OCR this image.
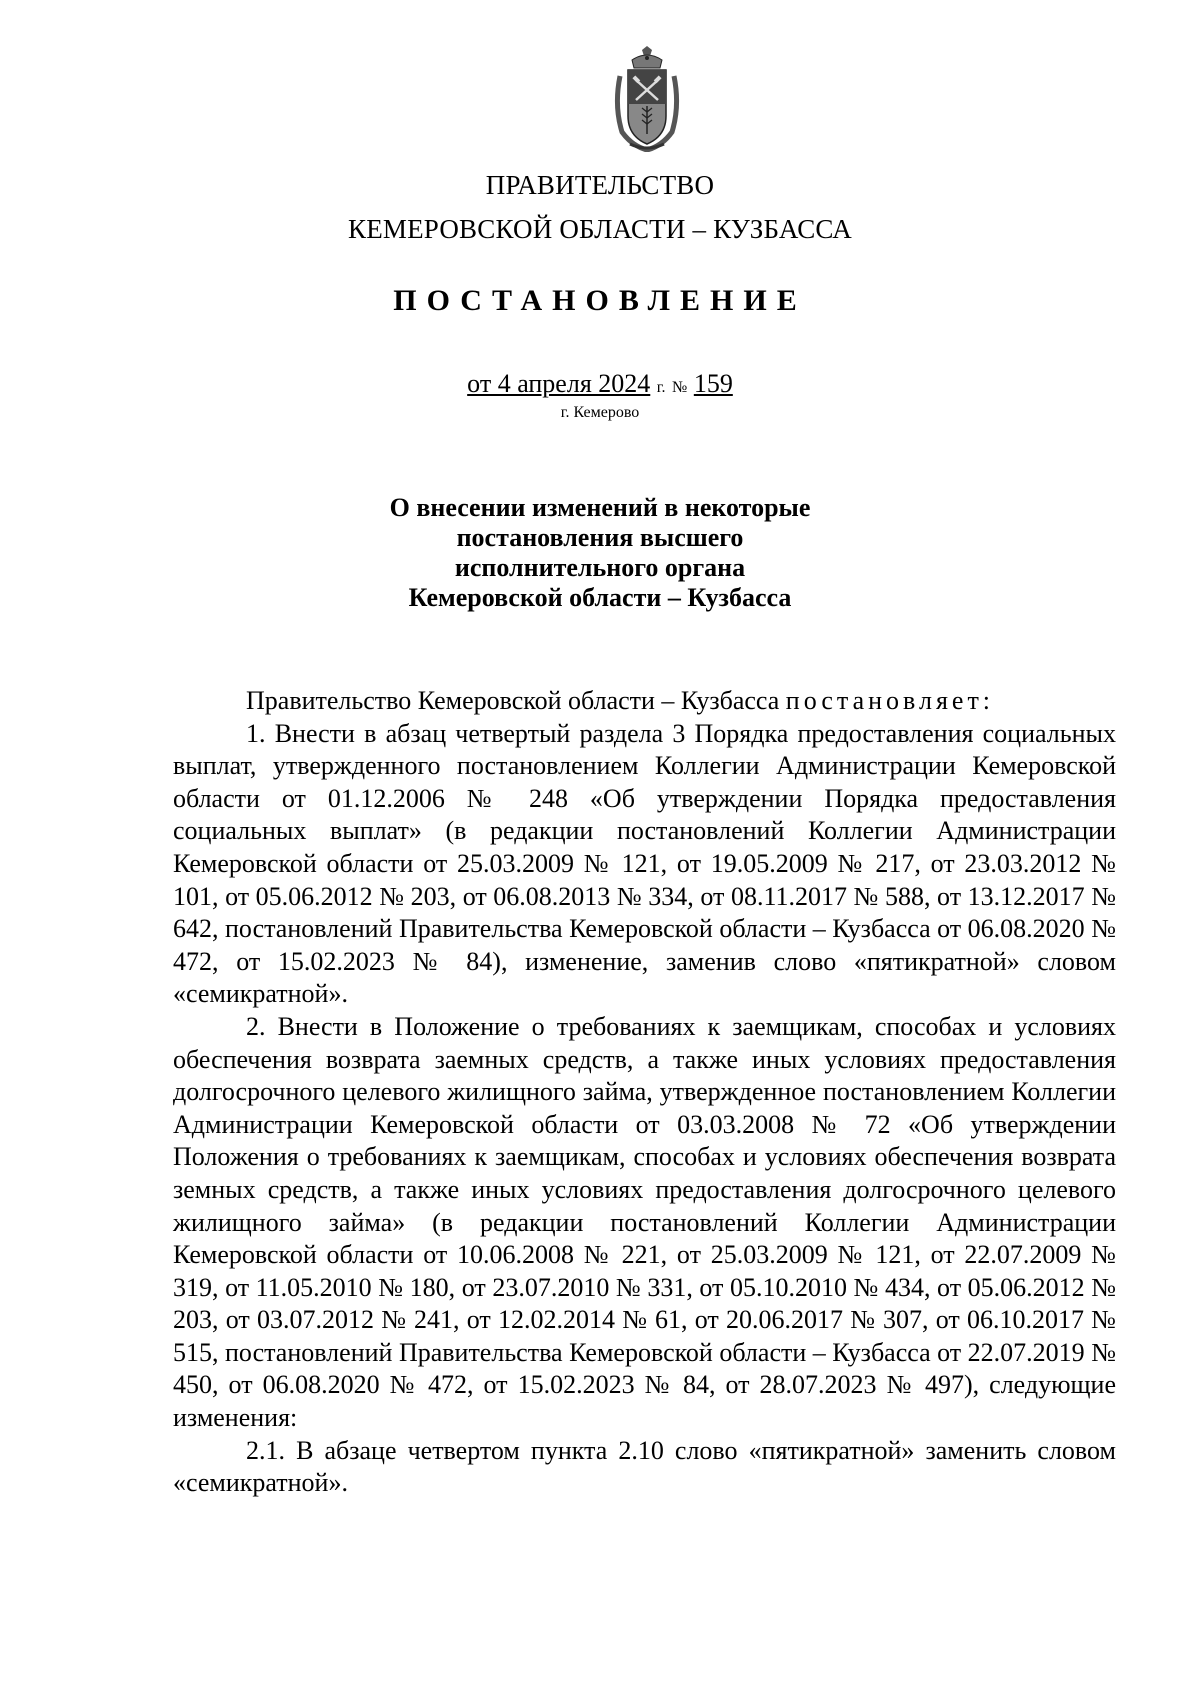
ПРАВИТЕЛЬСТВО
КЕМЕРОВСКОЙ ОБЛАСТИ – КУЗБАССА
ПОСТАНОВЛЕНИЕ
от 4 апреля 2024 г. № 159
г. Кемерово
О внесении изменений в некоторые
постановления высшего
исполнительного органа
Кемеровской области – Кузбасса

Правительство Кемеровской области – Кузбасса постановляет:

1. Внести в абзац четвертый раздела 3 Порядка предоставления социальных выплат, утвержденного постановлением Коллегии Администрации Кемеровской области от 01.12.2006 № 248 «Об утверждении Порядка предоставления социальных выплат» (в редакции постановлений Коллегии Администрации Кемеровской области от 25.03.2009 № 121, от 19.05.2009 № 217, от 23.03.2012 № 101, от 05.06.2012 № 203, от 06.08.2013 № 334, от 08.11.2017 № 588, от 13.12.2017 № 642, постановлений Правительства Кемеровской области – Кузбасса от 06.08.2020 № 472, от 15.02.2023 № 84), изменение, заменив слово «пятикратной» словом «семикратной».

2. Внести в Положение о требованиях к заемщикам, способах и условиях обеспечения возврата заемных средств, а также иных условиях предоставления долгосрочного целевого жилищного займа, утвержденное постановлением Коллегии Администрации Кемеровской области от 03.03.2008 № 72 «Об утверждении Положения о требованиях к заемщикам, способах и условиях обеспечения возврата земных средств, а также иных условиях предоставления долгосрочного целевого жилищного займа» (в редакции постановлений Коллегии Администрации Кемеровской области от 10.06.2008 № 221, от 25.03.2009 № 121, от 22.07.2009 № 319, от 11.05.2010 № 180, от 23.07.2010 № 331, от 05.10.2010 № 434, от 05.06.2012 № 203, от 03.07.2012 № 241, от 12.02.2014 № 61, от 20.06.2017 № 307, от 06.10.2017 № 515, постановлений Правительства Кемеровской области – Кузбасса от 22.07.2019 № 450, от 06.08.2020 № 472, от 15.02.2023 № 84, от 28.07.2023 № 497), следующие изменения:

2.1. В абзаце четвертом пункта 2.10 слово «пятикратной» заменить словом «семикратной».
